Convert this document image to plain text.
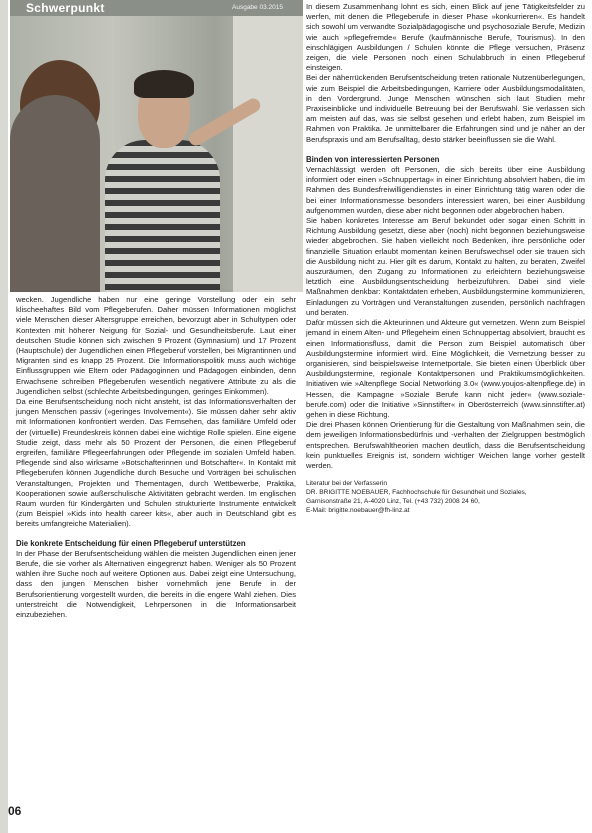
Schwerpunkt	Ausgabe 03.2015

wecken. Jugendliche haben nur eine geringe Vorstellung oder ein sehr klischeehaftes Bild vom Pflegeberufen. Daher müssen Informationen möglichst viele Menschen dieser Altersgruppe erreichen, bevorzugt aber in Schultypen oder Kontexten mit höherer Neigung für Sozial- und Gesundheitsberufe. Laut einer deutschen Studie können sich zwischen 9 Prozent (Gymnasium) und 17 Prozent (Hauptschule) der Jugendlichen einen Pflegeberuf vorstellen, bei Migrantinnen und Migranten sind es knapp 25 Prozent. Die Informationspolitik muss auch wichtige Einflussgruppen wie Eltern oder Pädagoginnen und Pädagogen einbinden, denn Erwachsene schreiben Pflegeberufen wesentlich negativere Attribute zu als die Jugendlichen selbst (schlechte Arbeitsbedingungen, geringes Einkommen).

Da eine Berufsentscheidung noch nicht ansteht, ist das Informationsverhalten der jungen Menschen passiv (»geringes Involvement«). Sie müssen daher sehr aktiv mit Informationen konfrontiert werden. Das Femsehen, das familiäre Umfeld oder der (virtuelle) Freundeskreis können dabei eine wichtige Rolle spielen. Eine eigene Studie zeigt, dass mehr als 50 Prozent der Personen, die einen Pflegeberuf ergreifen, familiäre Pflegeerfahrungen oder Pflegende im sozialen Umfeld haben. Pflegende sind also wirksame »Botschafterinnen und Botschafter«. In Kontakt mit Pflegeberufen können Jugendliche durch Besuche und Vorträgen bei schulischen Veranstaltungen, Projekten und Thementagen, durch Wettbewerbe, Praktika, Kooperationen sowie außerschulische Aktivitäten gebracht werden. Im englischen Raum wurden für Kindergärten und Schulen strukturierte Instrumente entwickelt (zum Beispiel »Kids into health career kits«, aber auch in Deutschland gibt es bereits umfangreiche Materialien).

Die konkrete Entscheidung für einen Pflegeberuf unterstützen

In der Phase der Berufsentscheidung wählen die meisten Jugendlichen einen jener Berufe, die sie vorher als Alternativen eingegrenzt haben. Weniger als 50 Prozent wählen ihre Suche noch auf weitere Optionen aus. Dabei zeigt eine Untersuchung, dass den jungen Menschen bisher vornehmlich jene Berufe in der Berufsorientierung vorgestellt wurden, die bereits in die engere Wahl ziehen. Dies unterstreicht die Notwendigkeit, Lehrpersonen in die Informationsarbeit einzubeziehen.

In diesem Zusammenhang lohnt es sich, einen Blick auf jene Tätigkeitsfelder zu werfen, mit denen die Pflegeberufe in dieser Phase »konkurrieren«. Es handelt sich sowohl um verwandte Sozialpädagogische und psychosoziale Berufe, Medizin wie auch »pflegefremde« Berufe (kaufmännische Berufe, Tourismus). In den einschlägigen Ausbildungen / Schulen könnte die Pflege versuchen, Präsenz zeigen, die viele Personen noch einen Schulabbruch in einen Pflegeberuf einsteigen.

Bei der näherrückenden Berufsentscheidung treten rationale Nutzenüberlegungen, wie zum Beispiel die Arbeitsbedingungen, Karriere oder Ausbildungsmodalitäten, in den Vordergrund. Junge Menschen wünschen sich laut Studien mehr Praxiseinblicke und individuelle Betreuung bei der Berufswahl. Sie verlassen sich am meisten auf das, was sie selbst gesehen und erlebt haben, zum Beispiel im Rahmen von Praktika. Je unmittelbarer die Erfahrungen sind und je näher an der Berufspraxis und am Berufsalltag, desto stärker beeinflussen sie die Wahl.

Binden von interessierten Personen

Vernachlässigt werden oft Personen, die sich bereits über eine Ausbildung informiert oder einen »Schnuppertag« in einer Einrichtung absolviert haben, die im Rahmen des Bundesfreiwilligendienstes in einer Einrichtung tätig waren oder die bei einer Informationsmesse besonders interessiert waren, bei einer Ausbildung aufgenommen wurden, diese aber nicht begonnen oder abgebrochen haben.

Sie haben konkretes Interesse am Beruf bekundet oder sogar einen Schritt in Richtung Ausbildung gesetzt, diese aber (noch) nicht begonnen beziehungsweise wieder abgebrochen. Sie haben vielleicht noch Bedenken, ihre persönliche oder finanzielle Situation erlaubt momentan keinen Berufswechsel oder sie trauen sich die Ausbildung nicht zu. Hier gilt es darum, Kontakt zu halten, zu beraten, Zweifel auszuräumen, den Zugang zu Informationen zu erleichtern beziehungsweise letztlich eine Ausbildungsentscheidung herbeizuführen. Dabei sind viele Maßnahmen denkbar: Kontaktdaten erheben, Ausbildungstermine kommunizieren, Einladungen zu Vorträgen und Veranstaltungen zusenden, persönlich nachfragen und beraten.

Dafür müssen sich die Akteurinnen und Akteure gut vernetzen. Wenn zum Beispiel jemand in einem Alten- und Pflegeheim einen Schnuppertag absolviert, braucht es einen Informationsfluss, damit die Person zum Beispiel automatisch über Ausbildungstermine informiert wird. Eine Möglichkeit, die Vernetzung besser zu organisieren, sind beispielsweise Internetportale. Sie bieten einen Überblick über Ausbildungstermine, regionale Kontaktpersonen und Praktikumsmöglichkeiten. Initiativen wie »Altenpflege Social Networking 3.0« (www.youjos-altenpflege.de) in Hessen, die Kampagne »Soziale Berufe kann nicht jeder« (www.soziale-berufe.com) oder die Initiative »Sinnstifter« in Oberösterreich (www.sinnstifter.at) gehen in diese Richtung.

Die drei Phasen können Orientierung für die Gestaltung von Maßnahmen sein, die dem jeweiligen Informationsbedürfnis und -verhalten der Zielgruppen bestmöglich entsprechen. Berufswahltheorien machen deutlich, dass die Berufsentscheidung kein punktuelles Ereignis ist, sondern wichtiger Weichen lange vorher gestellt werden.

Literatur bei der Verfasserin
DR. BRIGITTE NOEBAUER, Fachhochschule für Gesundheit und Soziales,
Garnisonstraße 21, A-4020 Linz, Tel. (+43 732) 2008 24 60,
E-Mail: brigitte.noebauer@fh-linz.at
06
